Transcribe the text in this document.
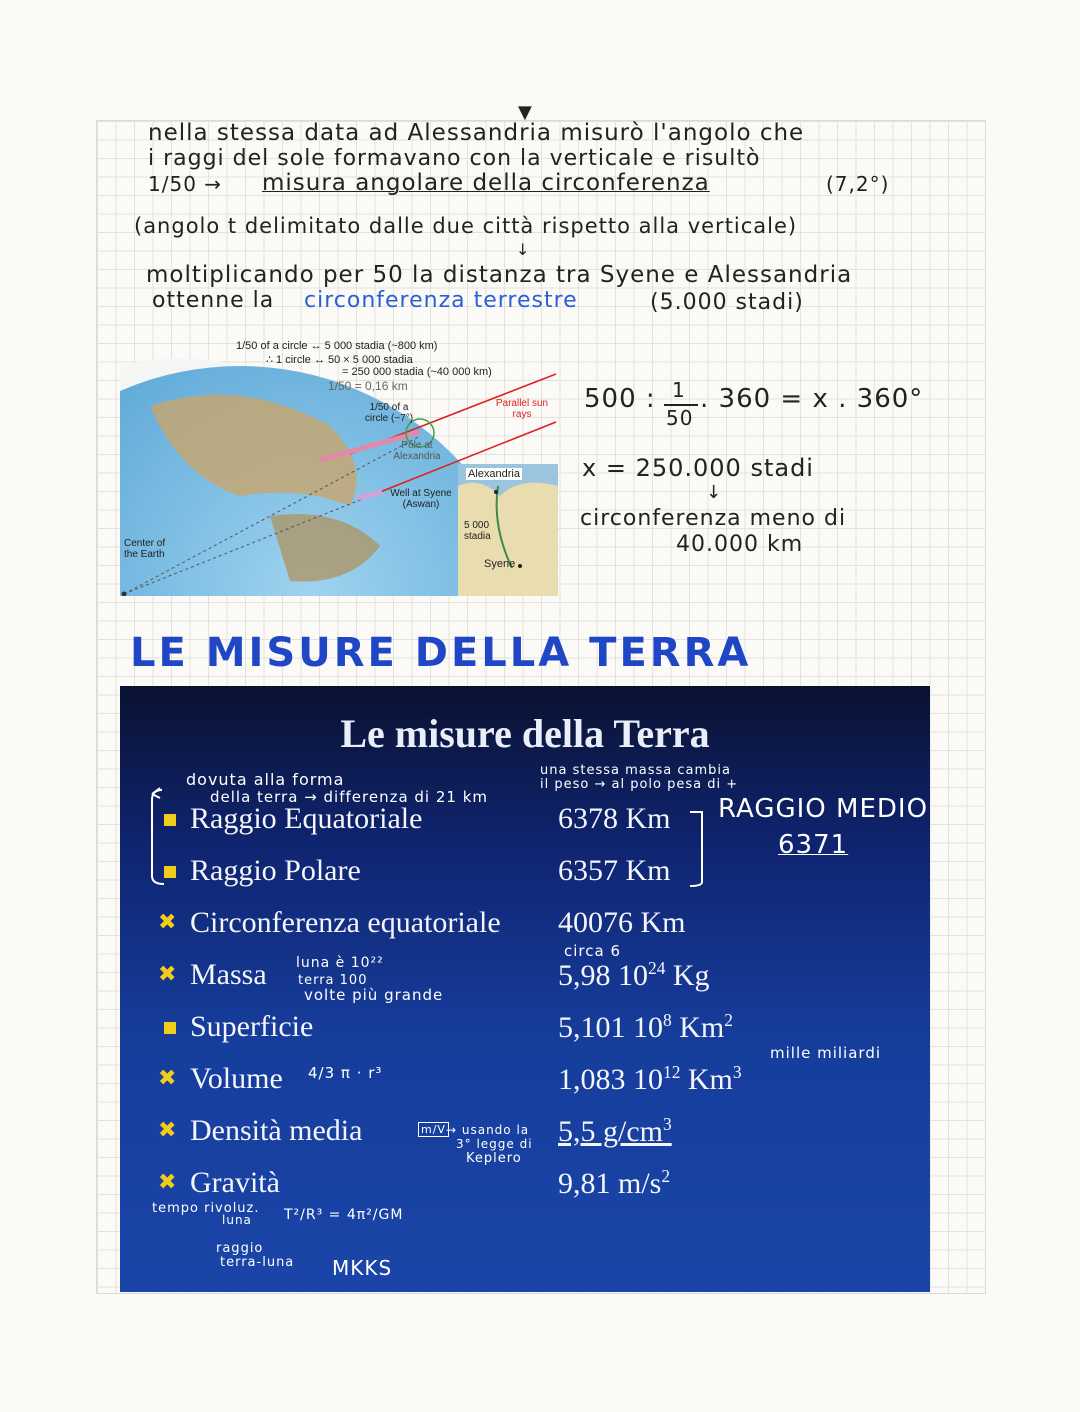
▼

nella stessa data ad Alessandria misurò l'angolo che

i raggi del sole formavano con la verticale e risultò

1/50 → misura angolare della circonferenza	(7,2°)

(angolo t delimitato dalle due città rispetto alla verticale)

↓

moltiplicando per 50 la distanza tra Syene e Alessandria

ottenne la circonferenza terrestre	(5.000 stadi)

1/50 of a circle ↔ 5 000 stadia (~800 km)
∴ 1 circle ↔ 50 × 5 000 stadia
= 250 000 stadia (~40 000 km)
1/50 = 0,16 km
1/50 of a circle (~7°)
Parallel sun rays
Pole at Alexandria
Well at Syene (Aswan)
Center of the Earth
Alexandria
5 000 stadia
Syene
500 : 1
50
. 360 = x . 360°
x = 250.000 stadi
↓
circonferenza meno di
40.000 km
LE MISURE DELLA TERRA
Le misure della Terra

una stessa massa cambia

il peso → al polo pesa di +

dovuta alla forma

della terra → differenza di 21 km

Raggio Equatoriale	6378 Km
Raggio Polare	6357 Km

RAGGIO MEDIO

6371

✖ Circonferenza equatoriale 40076 Km

circa 6

✖ Massa	5,98 $10^{24}$ Kg

luna è 10²²

terra 100

volte più grande

Superficie	5,101 $10^8$ Km$^2$

mille miliardi

✖ Volume	1,083 $10^{12}$ Km$^3$

4/3 π · r³

✖ Densità media	5,5 $g/cm^3$

m/V → usando la

3° legge di

Keplero

✖ Gravità	9,81 $m/s^2$

tempo rivoluz.

luna T²/R³ = 4π²/GM

raggio

terra-luna MKKS
